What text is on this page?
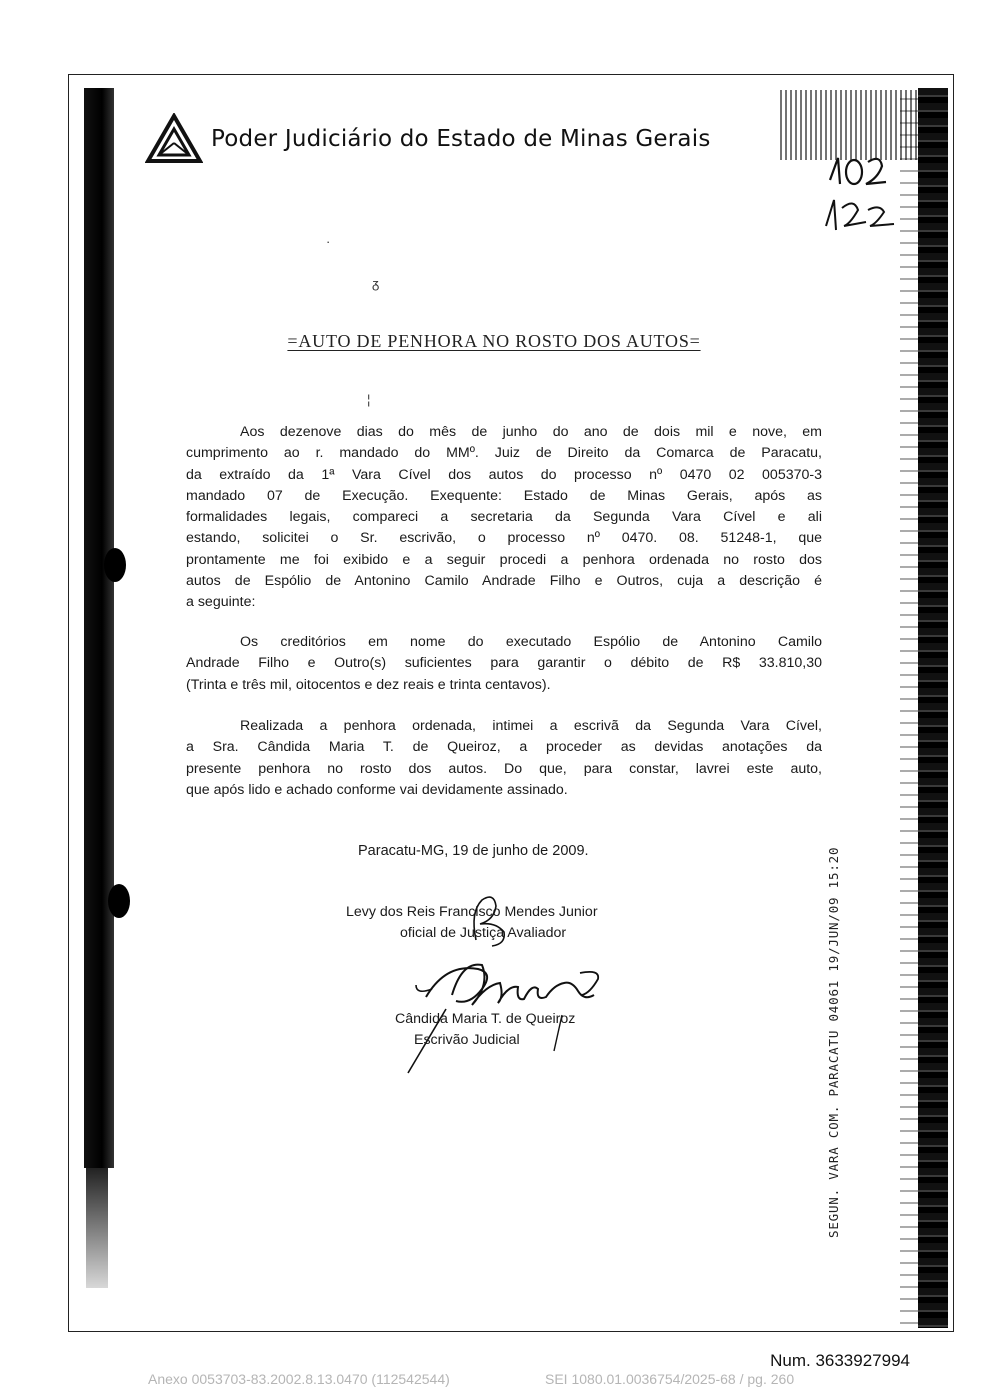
Poder Judiciário do Estado de Minas Gerais
·
ᵹ
¦
=AUTO DE PENHORA NO ROSTO DOS AUTOS=
Aos dezenove dias do mês de junho do ano de dois mil e nove, em
cumprimento ao r. mandado do MMº. Juiz de Direito da Comarca de Paracatu,
da extraído da 1ª Vara Cível dos autos do processo nº 0470 02 005370-3
mandado 07 de Execução. Exequente: Estado de Minas Gerais, após as
formalidades legais, compareci a secretaria da Segunda Vara Cível e ali
estando, solicitei o Sr. escrivão, o processo nº 0470. 08. 51248-1, que
prontamente me foi exibido e a seguir procedi a penhora ordenada no rosto dos
autos de Espólio de Antonino Camilo Andrade Filho e Outros, cuja a descrição é
a seguinte:
Os creditórios em nome do executado Espólio de Antonino Camilo
Andrade Filho e Outro(s) suficientes para garantir o débito de R$ 33.810,30
(Trinta e três mil, oitocentos e dez reais e trinta centavos).
Realizada a penhora ordenada, intimei a escrivã da Segunda Vara Cível,
a Sra. Cândida Maria T. de Queiroz, a proceder as devidas anotações da
presente penhora no rosto dos autos. Do que, para constar, lavrei este auto,
que após lido e achado conforme vai devidamente assinado.
Paracatu-MG, 19 de junho de 2009.
Levy dos Reis Francisco Mendes Junior
oficial de Justiça Avaliador
Cândida Maria T. de Queiroz
Escrivão Judicial	SEGUN. VARA COM. PARACATU 04061 19/JUN/09 15:20
Num. 3633927994
Anexo 0053703-83.2002.8.13.0470 (112542544)	SEI 1080.01.0036754/2025-68 / pg. 260
